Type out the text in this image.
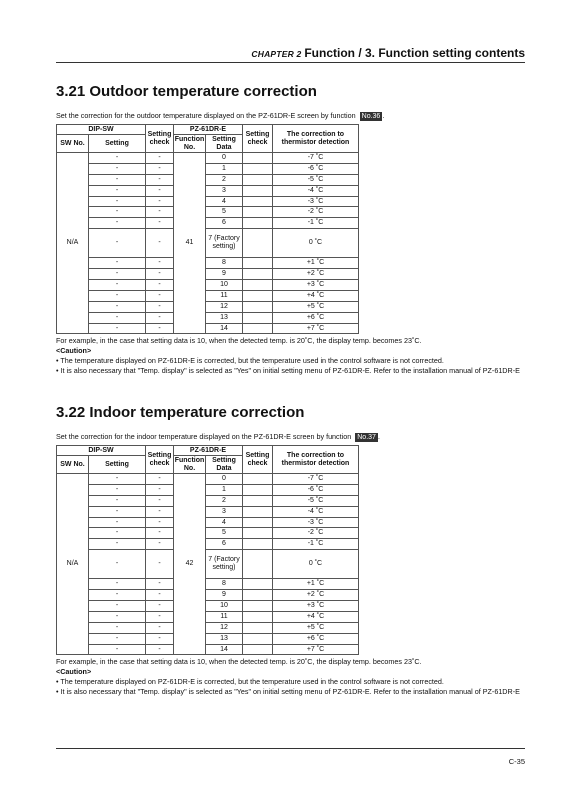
CHAPTER 2 Function / 3. Function setting contents
3.21 Outdoor temperature correction
Set the correction for the outdoor temperature displayed on the PZ-61DR-E screen by function No.36 .
DIP-SW		Setting check	PZ-61DR-E		Setting check	The correction to thermistor detection
SW No.	Setting		Function No.	Setting Data		
N/A	-	-	41	0		-7 ˚C
	-	-		1		-6 ˚C
	-	-		2		-5 ˚C
	-	-		3		-4 ˚C
	-	-		4		-3 ˚C
	-	-		5		-2 ˚C
	-	-		6		-1 ˚C
	-	-		7 (Factory setting)		0 ˚C
	-	-		8		+1 ˚C
	-	-		9		+2 ˚C
	-	-		10		+3 ˚C
	-	-		11		+4 ˚C
	-	-		12		+5 ˚C
	-	-		13		+6 ˚C
	-	-		14		+7 ˚C

For example, in the case that setting data is 10, when the detected temp. is 20˚C, the display temp. becomes 23˚C.

<Caution>

• The temperature displayed on PZ-61DR-E is corrected, but the temperature used in the control software is not corrected.

• It is also necessary that "Temp. display" is selected as "Yes" on initial setting menu of PZ-61DR-E. Refer to the installation manual of PZ-61DR-E

3.22 Indoor temperature correction
Set the correction for the indoor temperature displayed on the PZ-61DR-E screen by function No.37 .
DIP-SW		Setting check	PZ-61DR-E		Setting check	The correction to thermistor detection
SW No.	Setting		Function No.	Setting Data		
N/A	-	-	42	0		-7 ˚C
	-	-		1		-6 ˚C
	-	-		2		-5 ˚C
	-	-		3		-4 ˚C
	-	-		4		-3 ˚C
	-	-		5		-2 ˚C
	-	-		6		-1 ˚C
	-	-		7 (Factory setting)		0 ˚C
	-	-		8		+1 ˚C
	-	-		9		+2 ˚C
	-	-		10		+3 ˚C
	-	-		11		+4 ˚C
	-	-		12		+5 ˚C
	-	-		13		+6 ˚C
	-	-		14		+7 ˚C

For example, in the case that setting data is 10, when the detected temp. is 20˚C, the display temp. becomes 23˚C.

<Caution>

• The temperature displayed on PZ-61DR-E is corrected, but the temperature used in the control software is not corrected.

• It is also necessary that "Temp. display" is selected as "Yes" on initial setting menu of PZ-61DR-E. Refer to the installation manual of PZ-61DR-E

C-35
